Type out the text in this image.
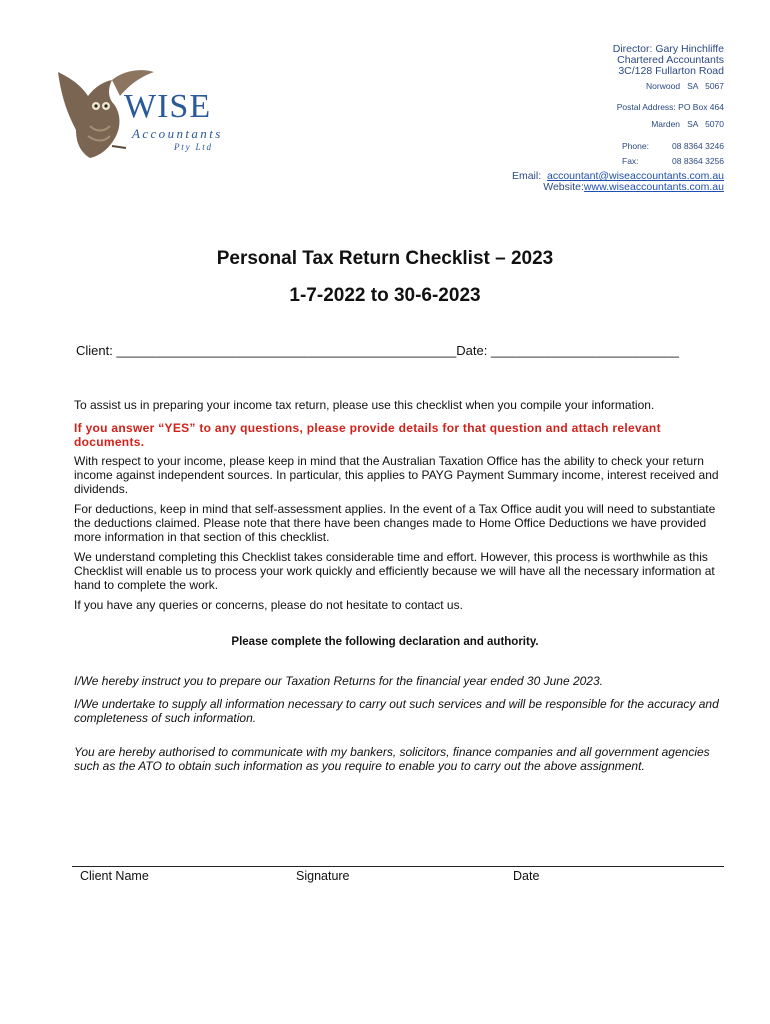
WISE
Accountants
Pty Ltd
Director: Gary Hinchliffe
Chartered Accountants
3C/128 Fullarton Road
Norwood   SA   5067
Postal Address: PO Box 464
Marden   SA   5070
Phone:	08 8364 3246
Fax:	08 8364 3256
Email: accountant@wiseaccountants.com.au
Website:www.wiseaccountants.com.au
Personal Tax Return Checklist – 2023
1-7-2022 to 30-6-2023
Client: _______________________________________________Date: __________________________

To assist us in preparing your income tax return, please use this checklist when you compile your information.

If you answer “YES” to any questions, please provide details for that question and attach relevant documents.

With respect to your income, please keep in mind that the Australian Taxation Office has the ability to check your return income against independent sources. In particular, this applies to PAYG Payment Summary income, interest received and dividends.

For deductions, keep in mind that self-assessment applies. In the event of a Tax Office audit you will need to substantiate the deductions claimed. Please note that there have been changes made to Home Office Deductions we have provided more information in that section of this checklist.

We understand completing this Checklist takes considerable time and effort. However, this process is worthwhile as this Checklist will enable us to process your work quickly and efficiently because we will have all the necessary information at hand to complete the work.

If you have any queries or concerns, please do not hesitate to contact us.

Please complete the following declaration and authority.

I/We hereby instruct you to prepare our Taxation Returns for the financial year ended 30 June 2023.

I/We undertake to supply all information necessary to carry out such services and will be responsible for the accuracy and completeness of such information.

You are hereby authorised to communicate with my bankers, solicitors, finance companies and all government agencies such as the ATO to obtain such information as you require to enable you to carry out the above assignment.

Client Name	Signature	Date
